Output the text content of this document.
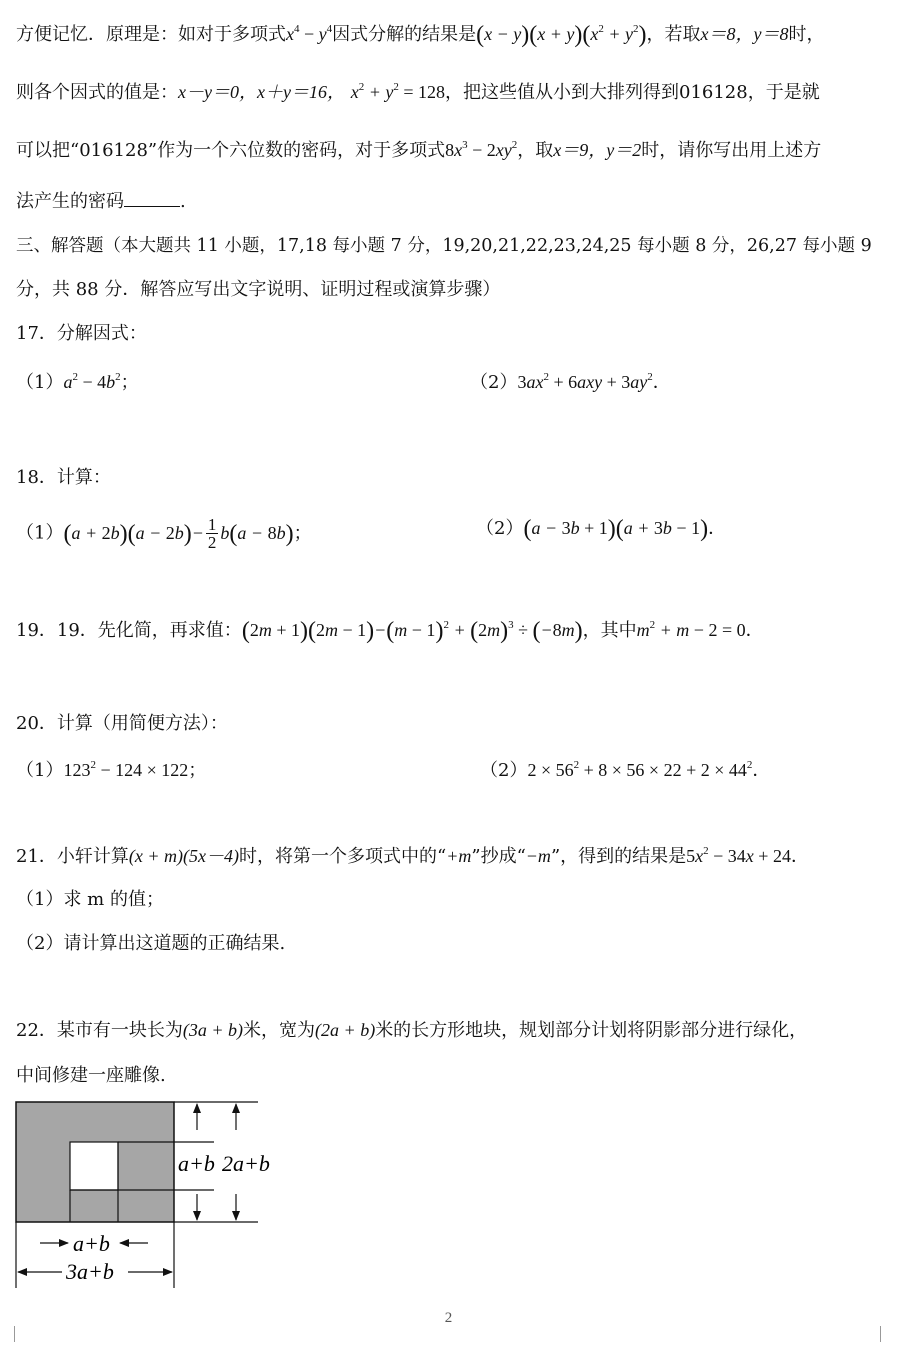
方便记忆．原理是：如对于多项式$x^4 - y^4$因式分解的结果是$(x - y)(x + y)(x^2 + y^2)$，若取x＝8，y＝8时，
则各个因式的值是：x－y＝0，x＋y＝16， $x^2 + y^2 = 128$，把这些值从小到大排列得到016128，于是就
可以把“016128”作为一个六位数的密码，对于多项式$8x^3 - 2xy^2$，取x＝9，y＝2时，请你写出用上述方
法产生的密码	.
三、解答题（本大题共 11 小题，17,18 每小题 7 分，19,20,21,22,23,24,25 每小题 8 分，26,27 每小题 9
分，共 88 分．解答应写出文字说明、证明过程或演算步骤）
17．分解因式：
$(1)a^2 - 4b^2$；	$(2)3ax^2 + 6axy + 3ay^2$．
18．计算：
$(1)(a + 2b)(a - 2b)- \frac{1}{2} b(a - 8b)$；	（2）(a − 3b + 1)(a + 3b − 1)．
19．19．先化简，再求值：$(2m + 1)(2m - 1)-(m - 1)^2 + (2m)^3 \div (-8m)$，其中$m^2 + m - 2 = 0$．
20．计算（用简便方法）：
$(1)123^2 - 124 \times 122$；	$(2)2 \times 56^2 + 8 \times 56 \times 22 + 2 \times 44^2$．
21．小轩计算(x + m)(5x－4)时，将第一个多项式中的“+m”抄成“−m”，得到的结果是$5x^2 - 34x + 24$．
（1）求 m 的值；
（2）请计算出这道题的正确结果.
22．某市有一块长为(3a + b)米，宽为(2a + b)米的长方形地块，规划部分计划将阴影部分进行绿化，
中间修建一座雕像.
a+b 2a+b
a+b
3a+b
2
